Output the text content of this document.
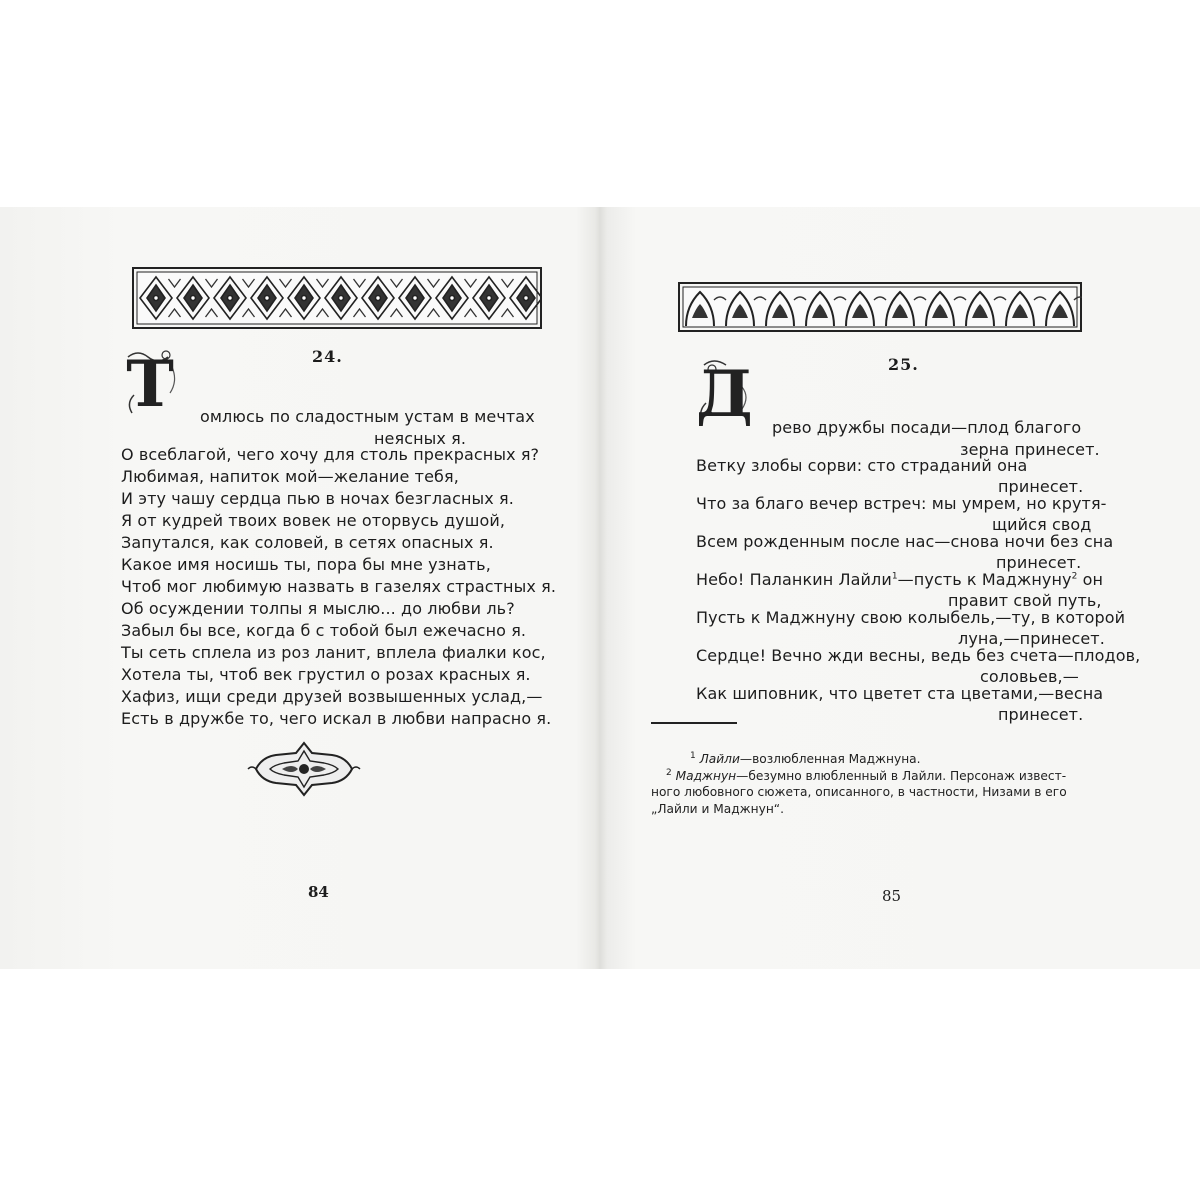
24.
Т омлюсь по сладостным устам в мечтах
неясных я.
О всеблагой, чего хочу для столь прекрасных я?
Любимая, напиток мой—желание тебя,
И эту чашу сердца пью в ночах безгласных я.
Я от кудрей твоих вовек не оторвусь душой,
Запутался, как соловей, в сетях опасных я.
Какое имя носишь ты, пора бы мне узнать,
Чтоб мог любимую назвать в газелях страстных я.
Об осуждении толпы я мыслю... до любви ль?
Забыл бы все, когда б с тобой был ежечасно я.
Ты сеть сплела из роз ланит, вплела фиалки кос,
Хотела ты, чтоб век грустил о розах красных я.
Хафиз, ищи среди друзей возвышенных услад,—
Есть в дружбе то, чего искал в любви напрасно я.
84
25.
Д рево дружбы посади—плод благого
зерна принесет.
Ветку злобы сорви: сто страданий она
принесет.
Что за благо вечер встреч: мы умрем, но крутя-
щийся свод
Всем рожденным после нас—снова ночи без сна
принесет.
Небо! Паланкин Лайли$^1$—пусть к Маджнуну$^2$ он
правит свой путь,
Пусть к Маджнуну свою колыбель,—ту, в которой
луна,—принесет.
Сердце! Вечно жди весны, ведь без счета—плодов,
соловьев,—
Как шиповник, что цветет ста цветами,—весна
принесет.
$^1$ Лайли—возлюбленная Маджнуна.
$^2$ Маджнун—безумно влюбленный в Лайли. Персонаж извест-
ного любовного сюжета, описанного, в частности, Низами в его
„Лайли и Маджнун“.
85
